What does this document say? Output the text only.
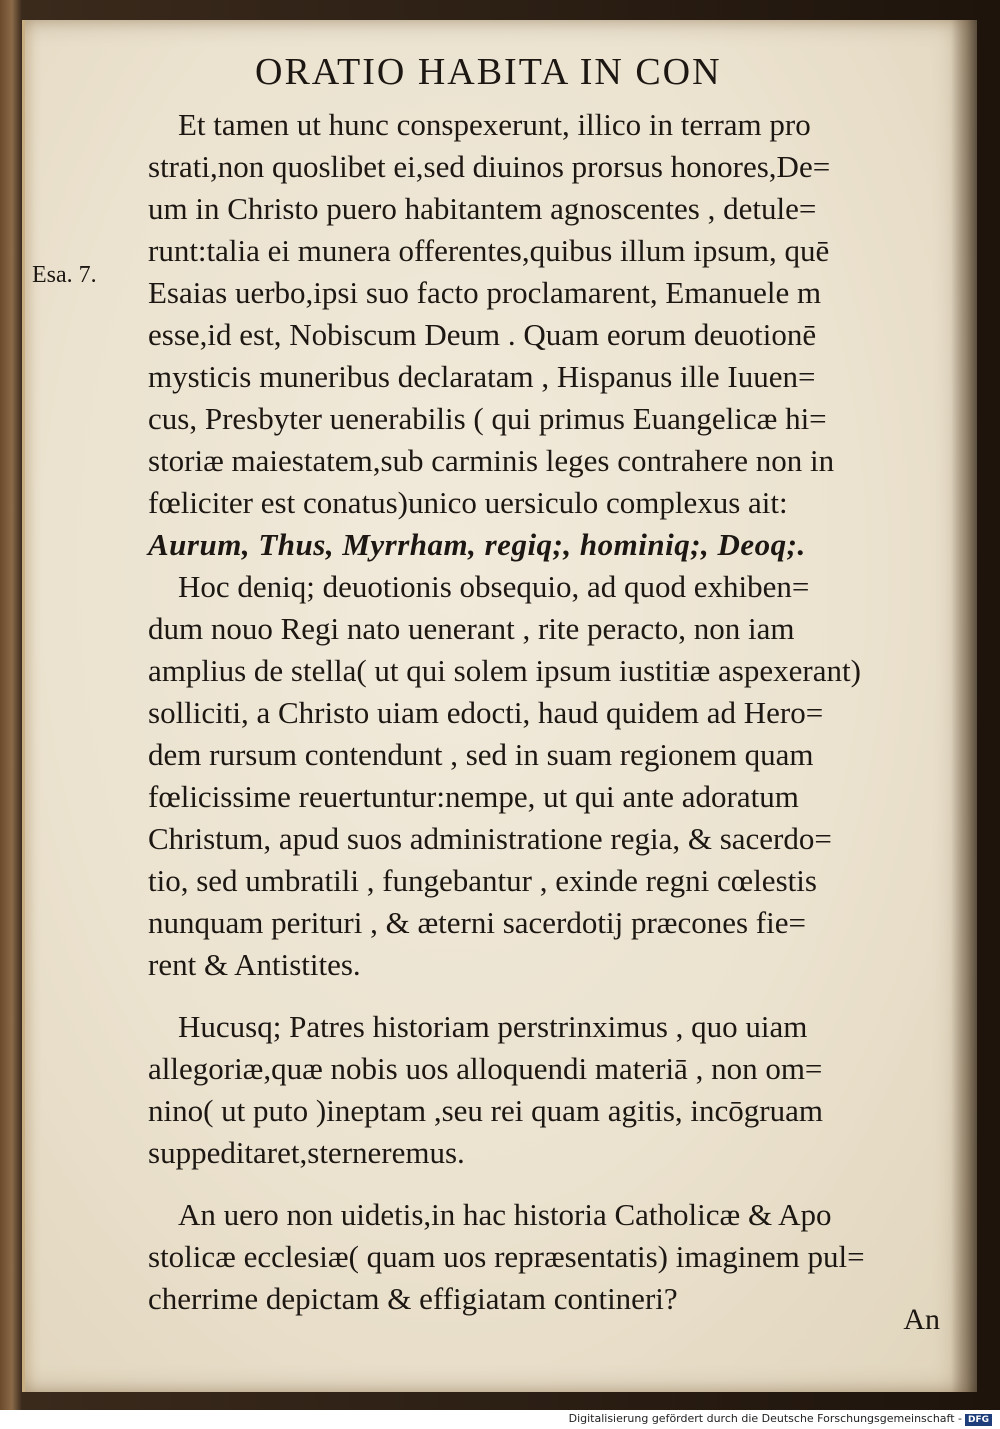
ORATIO HABITA IN CON
Esa. 7.
Et tamen ut hunc conspexerunt, illico in terram pro
strati,non quoslibet ei,sed diuinos prorsus honores,De=
um in Christo puero habitantem agnoscentes , detule=
runt:talia ei munera offerentes,quibus illum ipsum, quē
Esaias uerbo,ipsi suo facto proclamarent, Emanuele m
esse,id est, Nobiscum Deum . Quam eorum deuotionē
mysticis muneribus declaratam , Hispanus ille Iuuen=
cus, Presbyter uenerabilis ( qui primus Euangelicæ hi=
storiæ maiestatem,sub carminis leges contrahere non in
fœliciter est conatus)unico uersiculo complexus ait:
Aurum, Thus, Myrrham, regiq;, hominiq;, Deoq;.
Hoc deniq; deuotionis obsequio, ad quod exhiben=
dum nouo Regi nato uenerant , rite peracto, non iam
amplius de stella( ut qui solem ipsum iustitiæ aspexerant)
solliciti, a Christo uiam edocti, haud quidem ad Hero=
dem rursum contendunt , sed in suam regionem quam
fœlicissime reuertuntur:nempe, ut qui ante adoratum
Christum, apud suos administratione regia, & sacerdo=
tio, sed umbratili , fungebantur , exinde regni cœlestis
nunquam perituri , & æterni sacerdotij præcones fie=
rent & Antistites.
Hucusq; Patres historiam perstrinximus , quo uiam
allegoriæ,quæ nobis uos alloquendi materiā , non om=
nino( ut puto )ineptam ,seu rei quam agitis, incōgruam
suppeditaret,sterneremus.
An uero non uidetis,in hac historia Catholicæ & Apo
stolicæ ecclesiæ( quam uos repræsentatis) imaginem pul=
cherrime depictam & effigiatam contineri?
An
Digitalisierung gefördert durch die Deutsche Forschungsgemeinschaft - DFG
